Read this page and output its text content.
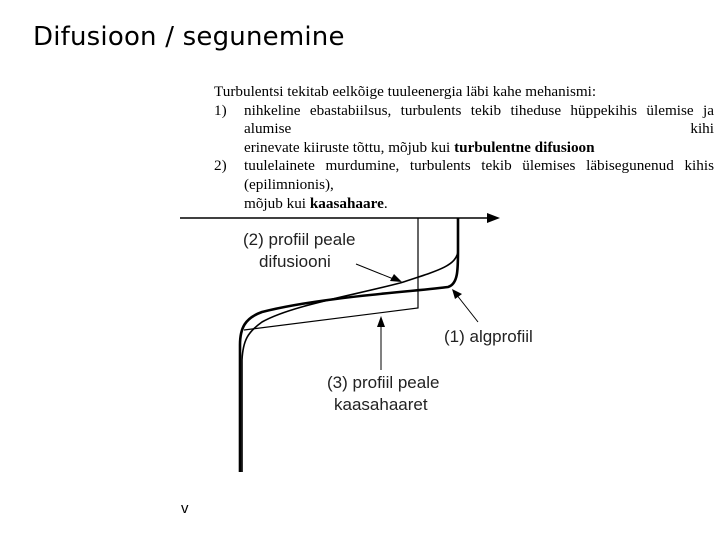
Difusioon / segunemine
Turbulentsi tekitab eelkõige tuuleenergia läbi kahe mehanismi:
1)	nihkeline ebastabiilsus, turbulents tekib tiheduse hüppekihis ülemise ja alumise kihi
erinevate kiiruste tõttu, mõjub kui turbulentne difusioon
2)	tuulelainete murdumine, turbulents tekib ülemises läbisegunenud kihis (epilimnionis),
mõjub kui kaasahaare.
(2) profiil peale
difusiooni
(1) algprofiil
(3) profiil peale
kaasahaaret
v
